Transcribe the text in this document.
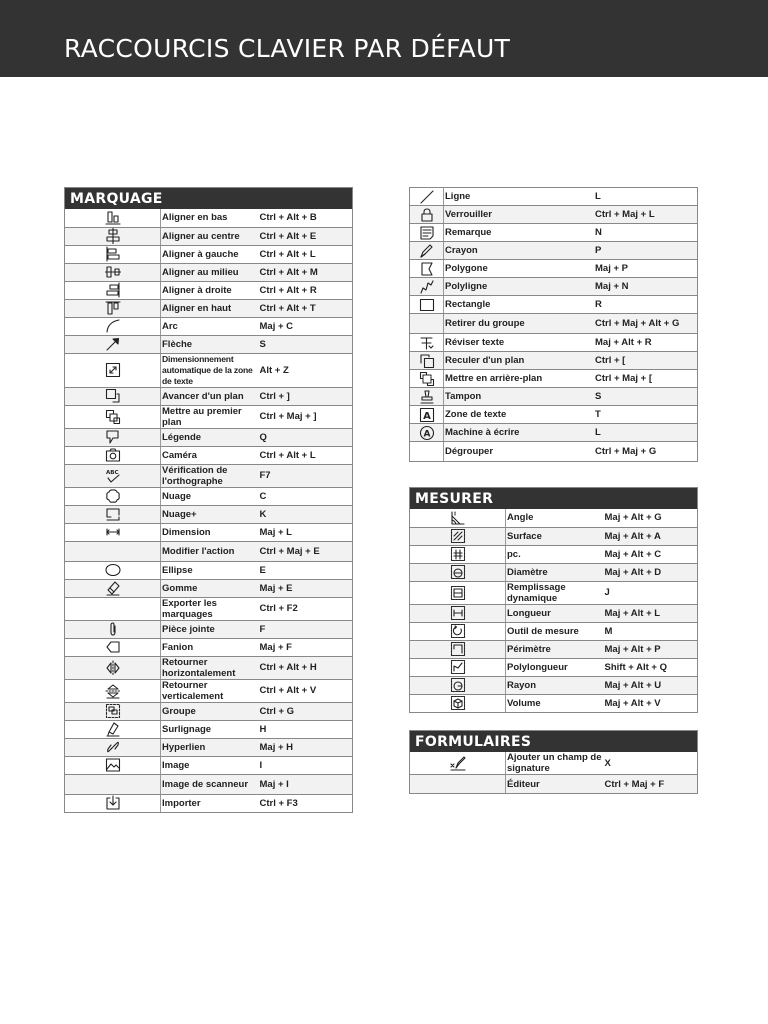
RACCOURCIS CLAVIER PAR DÉFAUT
MARQUAGE		

	Aligner en bas	Ctrl + Alt + B

	Aligner au centre	Ctrl + Alt + E

	Aligner à gauche	Ctrl + Alt + L

	Aligner au milieu	Ctrl + Alt + M

	Aligner à droite	Ctrl + Alt + R

	Aligner en haut	Ctrl + Alt + T

	Arc	Maj + C

	Flèche	S

	Dimensionnement automatique de la zone de texte	Alt + Z

	Avancer d'un plan	Ctrl + ]

	Mettre au premier plan	Ctrl + Maj + ]

	Légende	Q

	Caméra	Ctrl + Alt + L

ABC	Vérification de l'orthographe	F7

	Nuage	C

	Nuage+	K

	Dimension	Maj + L
	Modifier l'action	Ctrl + Maj + E

	Ellipse	E

	Gomme	Maj + E
	Exporter les marquages	Ctrl + F2

	Pièce jointe	F

	Fanion	Maj + F

	Retourner horizontalement	Ctrl + Alt + H

	Retourner verticalement	Ctrl + Alt + V

	Groupe	Ctrl + G

	Surlignage	H

	Hyperlien	Maj + H

	Image	I
	Image de scanneur	Maj + I

	Importer	Ctrl + F3
	Ligne	L

	Verrouiller	Ctrl + Maj + L

	Remarque	N

	Crayon	P

	Polygone	Maj + P

	Polyligne	Maj + N

	Rectangle	R
	Retirer du groupe	Ctrl + Maj + Alt + G

	Réviser texte	Maj + Alt + R

	Reculer d'un plan	Ctrl + [

	Mettre en arrière-plan	Ctrl + Maj + [

	Tampon	S

A	Zone de texte	T

A	Machine à écrire	L
	Dégrouper	Ctrl + Maj + G
MESURER		

	Angle	Maj + Alt + G

	Surface	Maj + Alt + A

	pc.	Maj + Alt + C

	Diamètre	Maj + Alt + D

	Remplissage dynamique	J

	Longueur	Maj + Alt + L

	Outil de mesure	M

	Périmètre	Maj + Alt + P

	Polylongueur	Shift + Alt + Q

	Rayon	Maj + Alt + U

	Volume	Maj + Alt + V
FORMULAIRES		

	Ajouter un champ de signature	X
	Éditeur	Ctrl + Maj + F
